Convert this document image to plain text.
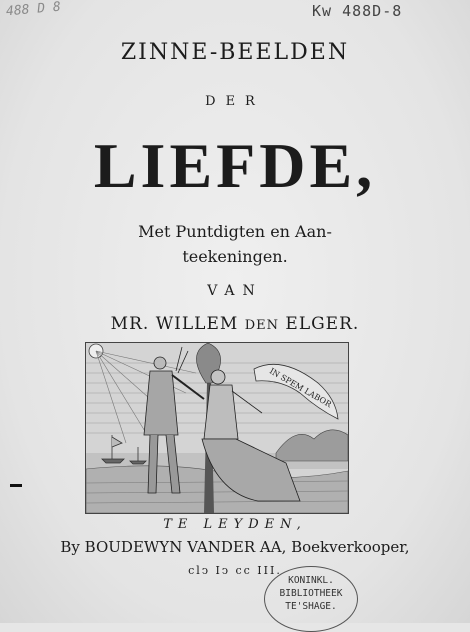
488 D 8	Kw 488D-8
ZINNE-BEELDEN
DER
LIEFDE,
Met Puntdigten en Aan-
teekeningen.
VAN
MR. WILLEM DEN ELGER.
IN SPEM LABOR
TE LEYDEN,
By BOUDEWYN VANDER AA, Boekverkooper,
clↄ Iↄ cc III.
KONINKL.
BIBLIOTHEEK
TE'SHAGE.
